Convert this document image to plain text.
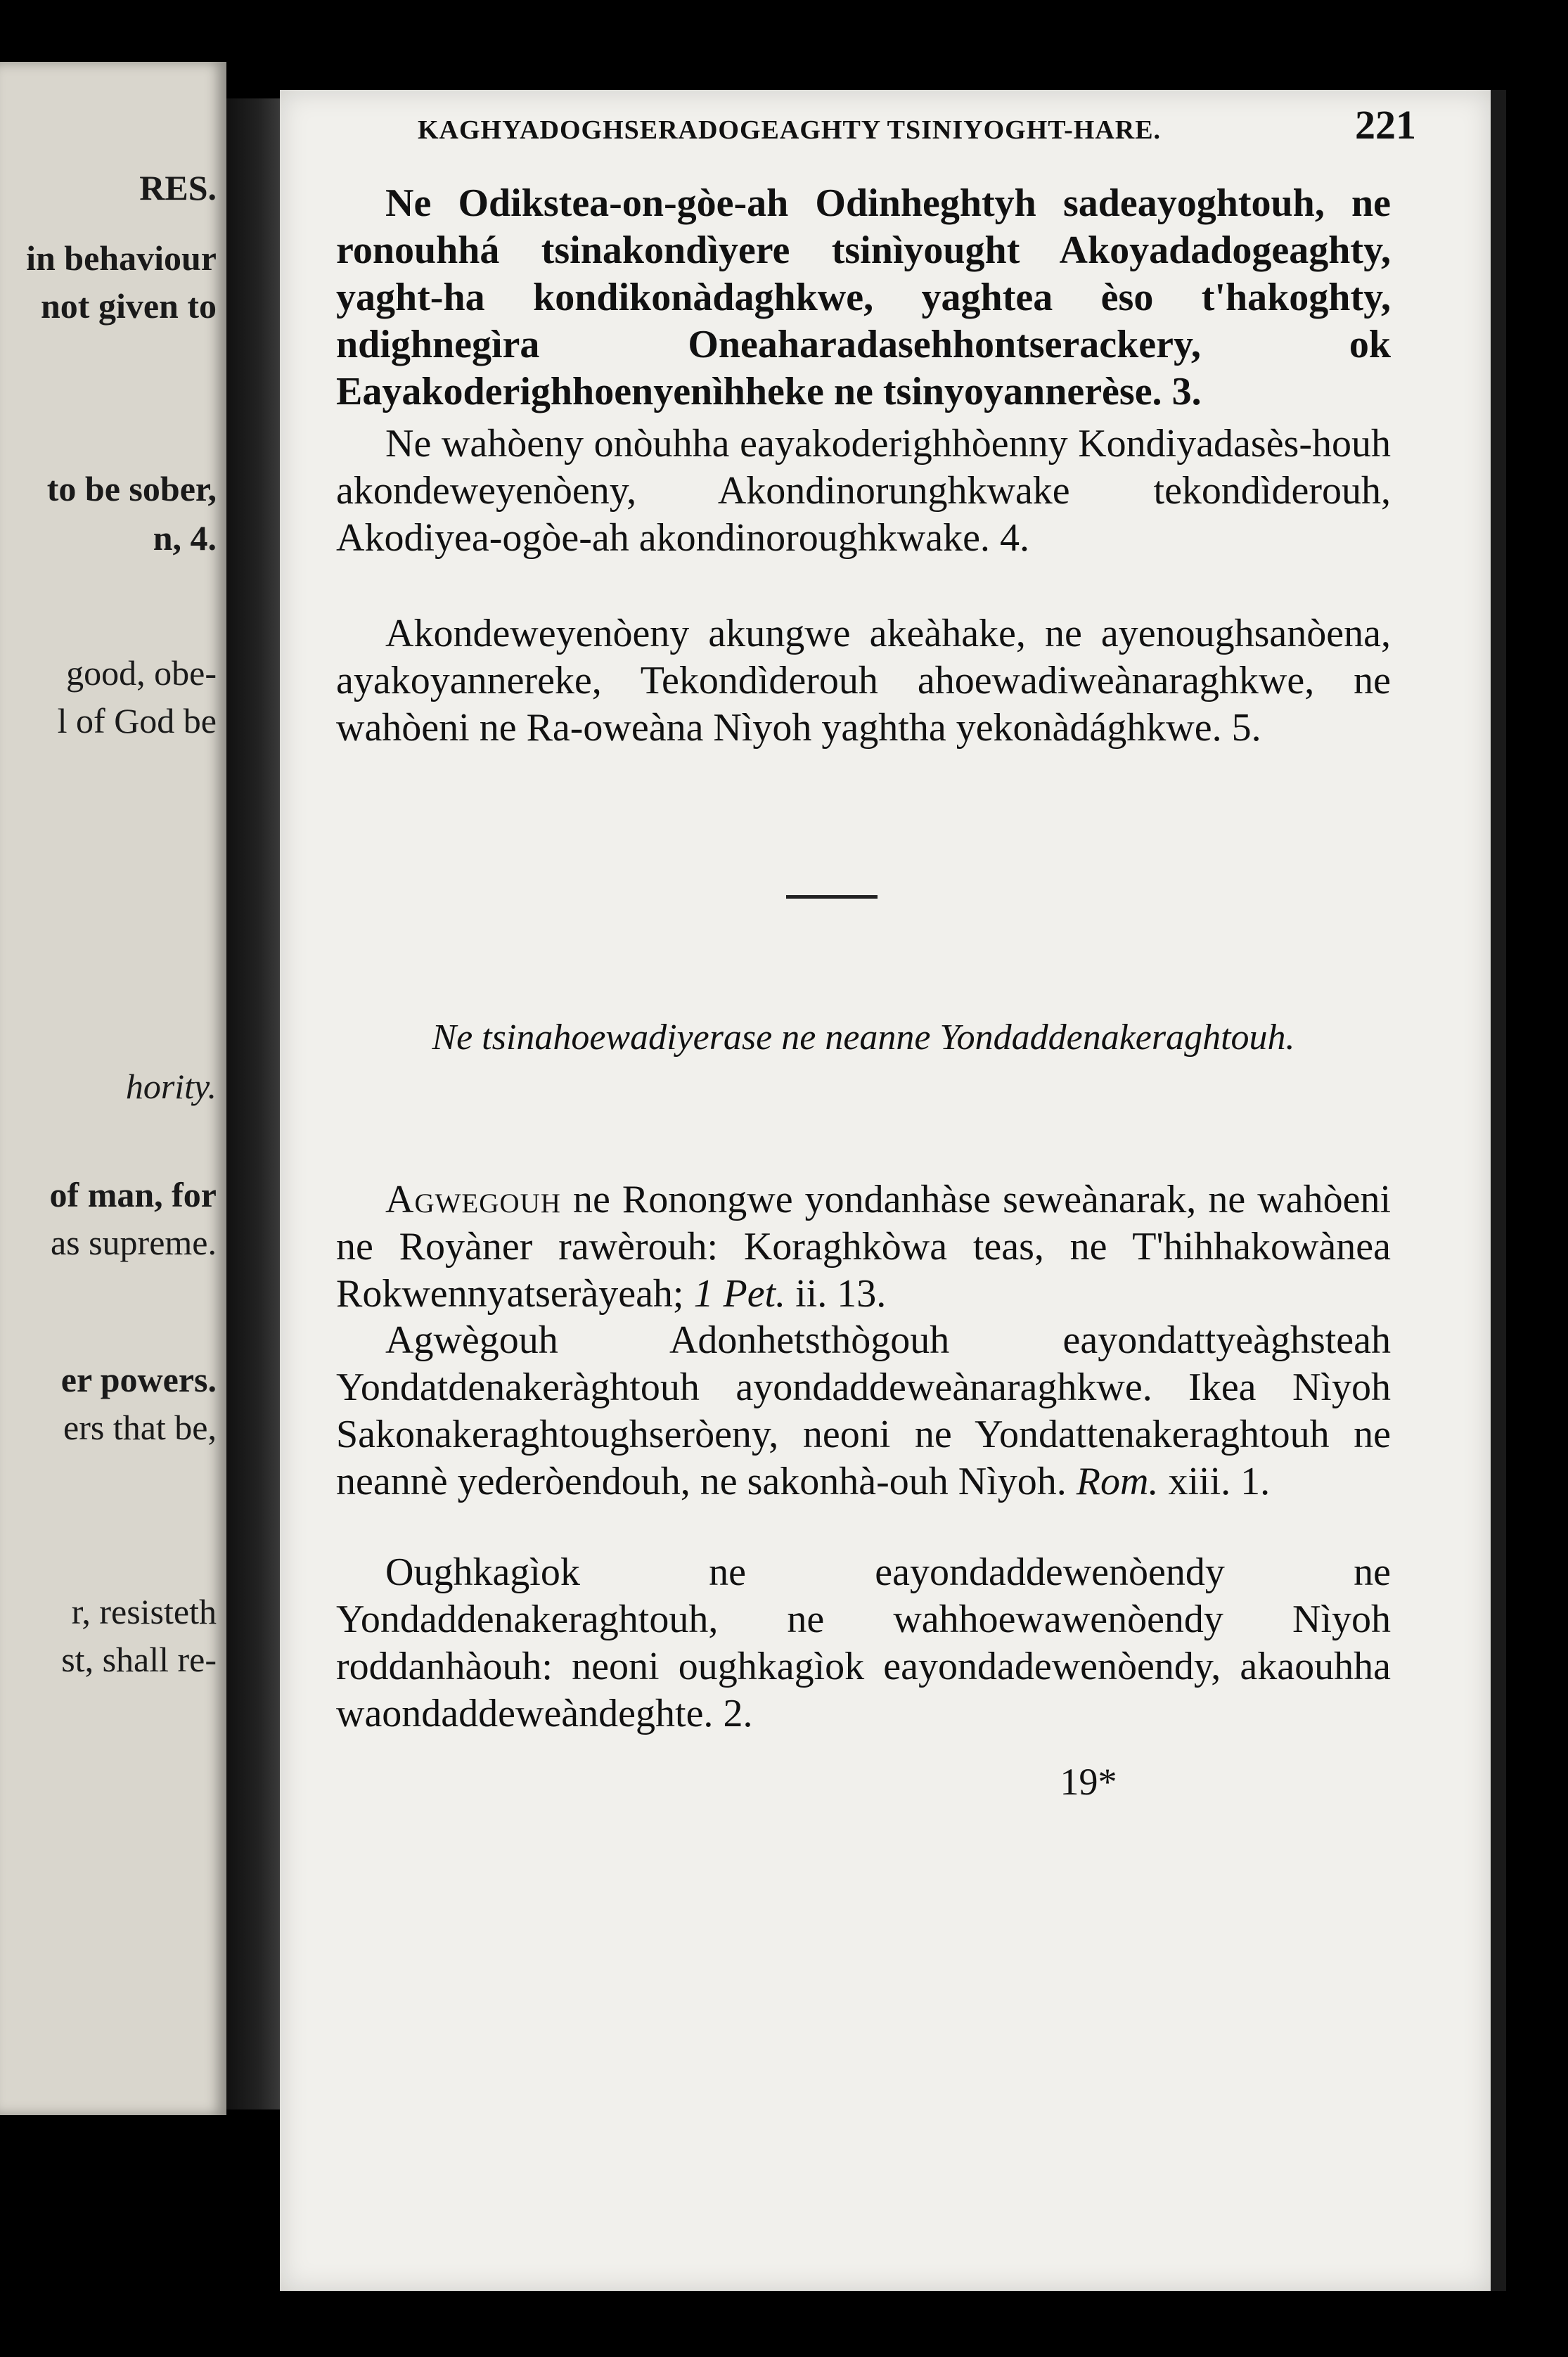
RES.
in behaviour
not given to
to be sober,
n, 4.
good, obe-
l of God be
hority.
of man, for
as supreme.
er powers.
ers that be,
r, resisteth
st, shall re-
KAGHYADOGHSERADOGEAGHTY TSINIYOGHT-HARE.	221

Ne Odikstea-on-gòe-ah Odinheghtyh sadeayoghtouh, ne ronouhhá tsinakondìyere tsinìyought Akoyadadogeaghty, yaght-ha kondikonàdaghkwe, yaghtea èso t'hakoghty, ndighnegìra Oneaharadasehhontserackery, ok Eayakoderighhoenyenìhheke ne tsinyoyannerèse. 3.

Ne wahòeny onòuhha eayakoderighhòenny Kondiyadasès-houh akondeweyenòeny, Akondinorunghkwake tekondìderouh, Akodiyea-ogòe-ah akondinoroughkwake. 4.

Akondeweyenòeny akungwe akeàhake, ne ayenoughsanòena, ayakoyannereke, Tekondìderouh ahoewadiweànaraghkwe, ne wahòeni ne Ra-oweàna Nìyoh yaghtha yekonàdághkwe. 5.

Ne tsinahoewadiyerase ne neanne Yondaddenakeraghtouh.

Agwegouh ne Ronongwe yondanhàse seweànarak, ne wahòeni ne Royàner rawèrouh: Koraghkòwa teas, ne T'hihhakowànea Rokwennyatseràyeah; 1 Pet. ii. 13.

Agwègouh Adonhetsthògouh eayondattyeàghsteah Yondatdenakeràghtouh ayondaddeweànaraghkwe. Ikea Nìyoh Sakonakeraghtoughseròeny, neoni ne Yondattenakeraghtouh ne neannè yederòendouh, ne sakonhà-ouh Nìyoh. Rom. xiii. 1.

Oughkagìok ne eayondaddewenòendy ne Yondaddenakeraghtouh, ne wahhoewawenòendy Nìyoh roddanhàouh: neoni oughkagìok eayondadewenòendy, akaouhha waondaddeweàndeghte. 2.

19*
